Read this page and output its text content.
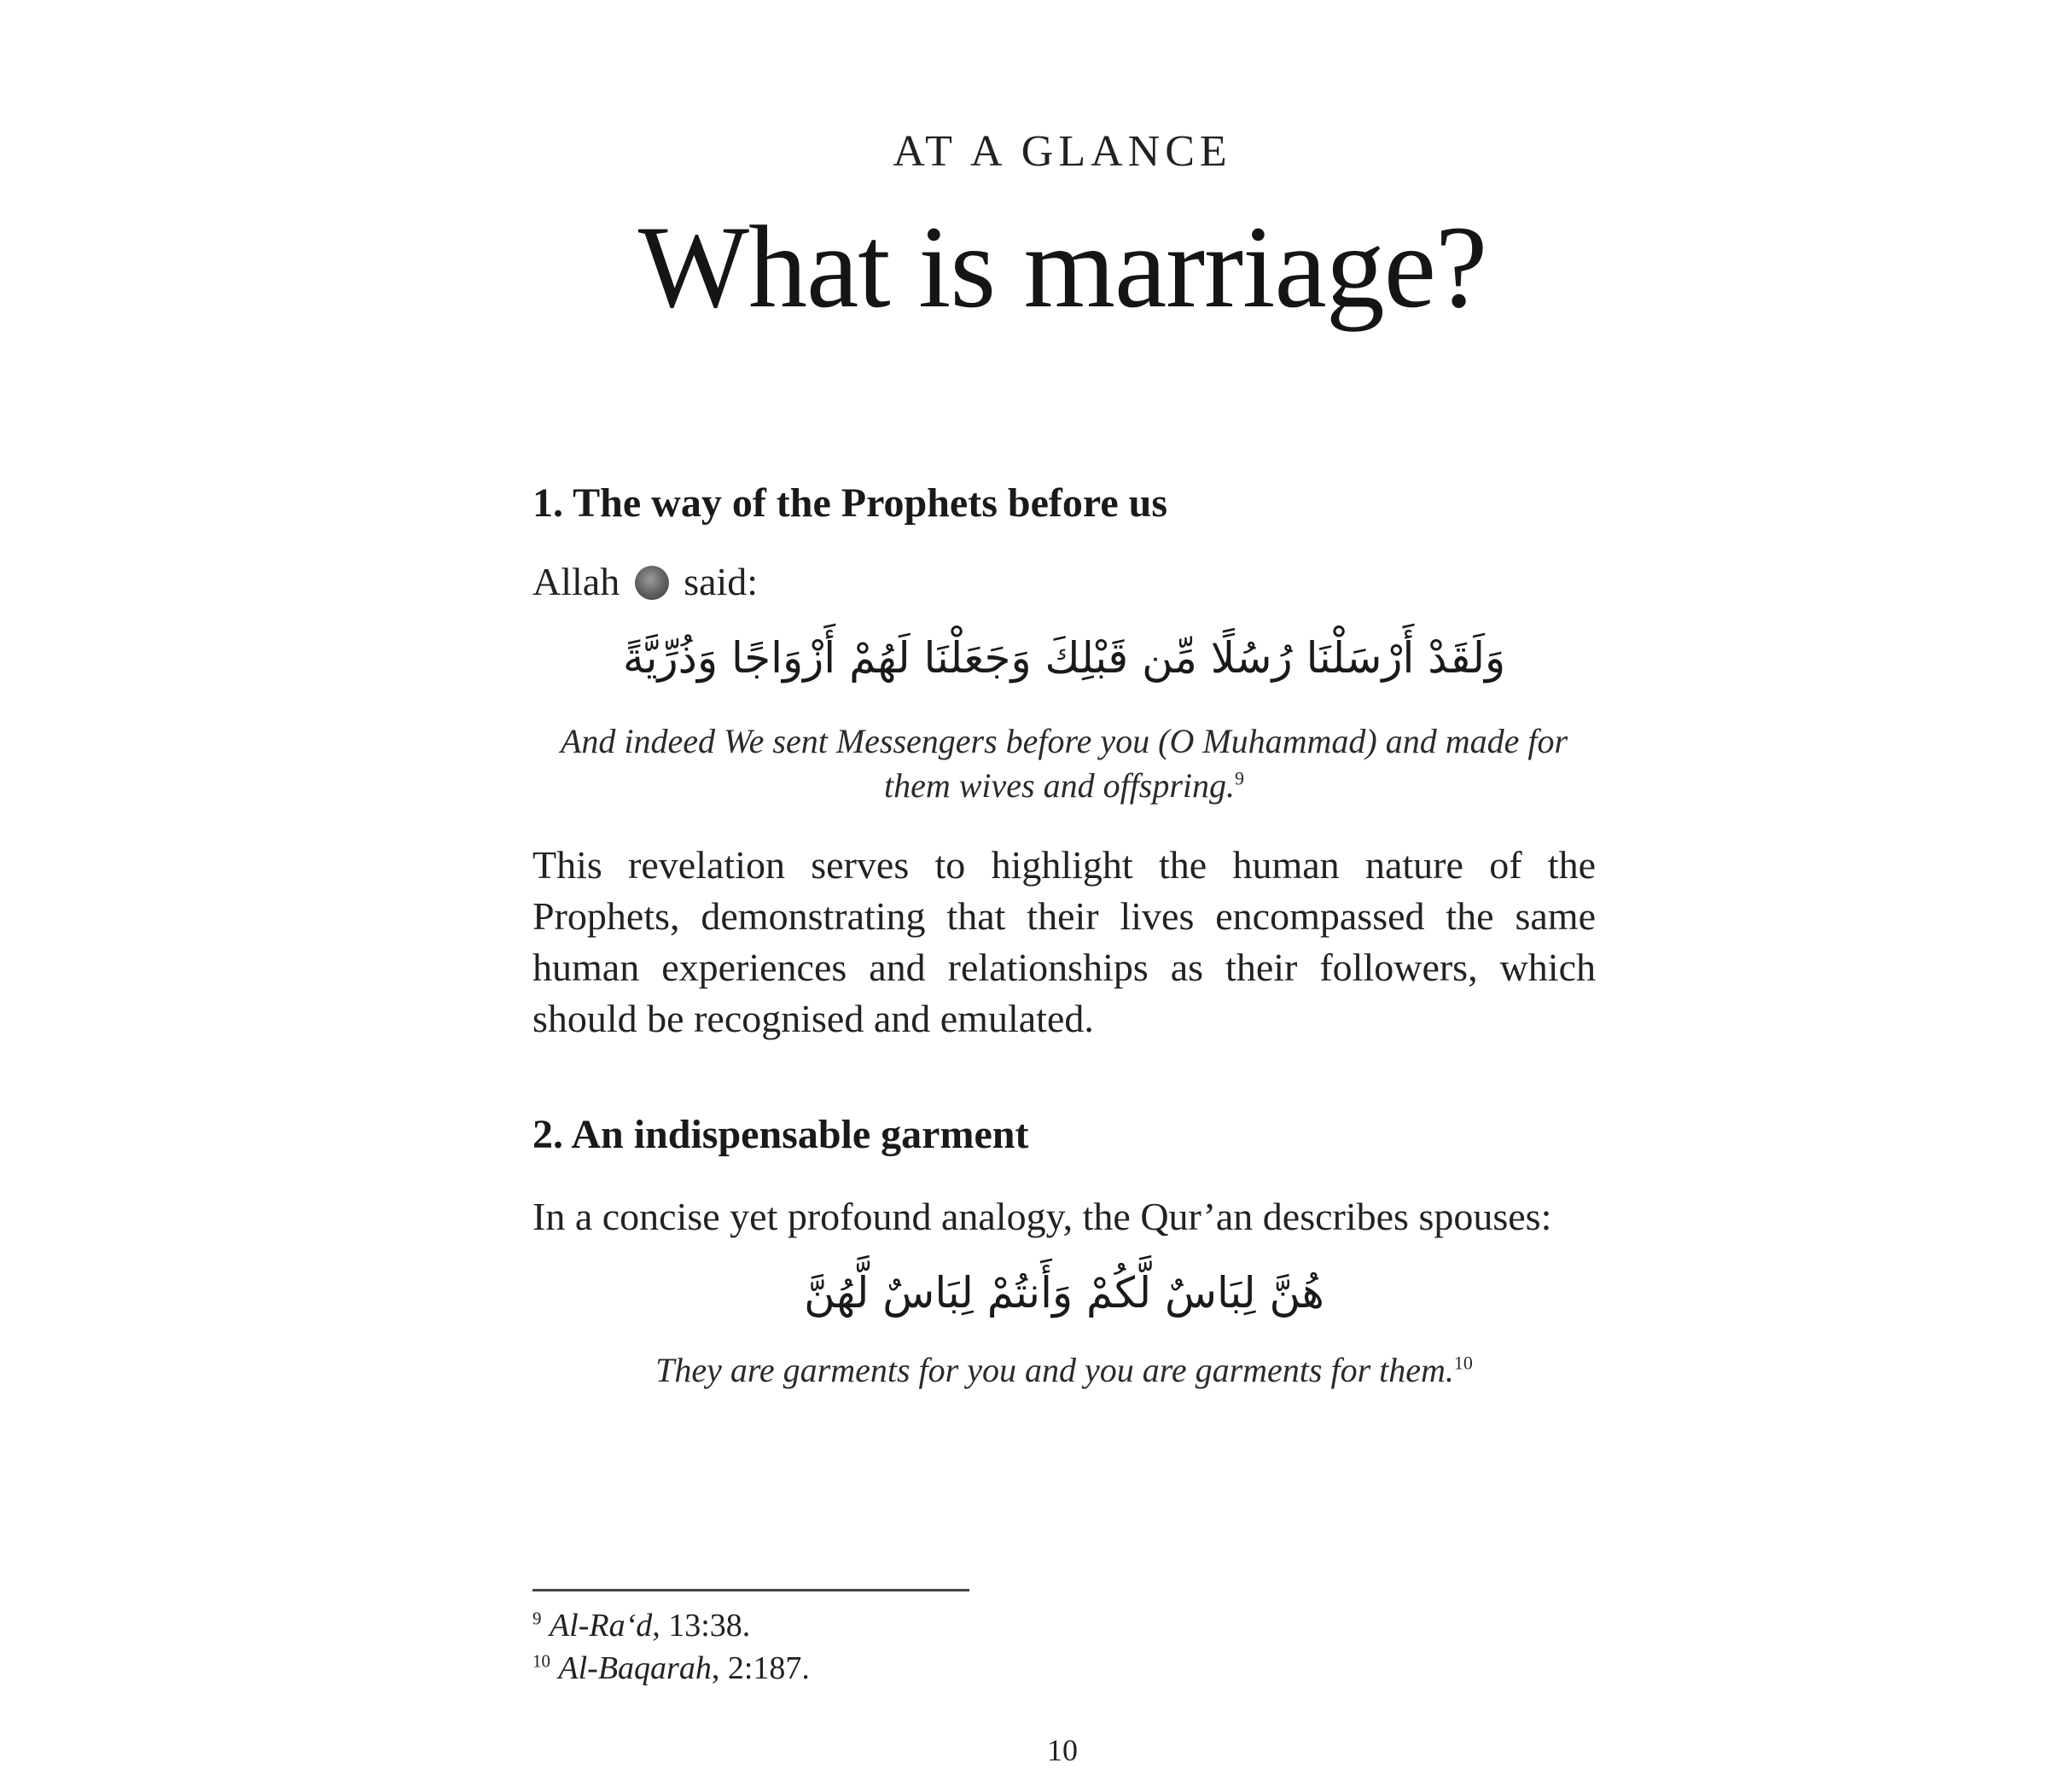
AT A GLANCE
What is marriage?
1. The way of the Prophets before us

Allah said:

وَلَقَدْ أَرْسَلْنَا رُسُلًا مِّن قَبْلِكَ وَجَعَلْنَا لَهُمْ أَزْوَاجًا وَذُرِّيَّةً

And indeed We sent Messengers before you (O Muhammad) and made for
them wives and offspring.$^9$

This revelation serves to highlight the human nature of the Prophets, demonstrating that their lives encompassed the same human experiences and relationships as their followers, which should be recognised and emulated.

2. An indispensable garment

In a concise yet profound analogy, the Qur’an describes spouses:

هُنَّ لِبَاسٌ لَّكُمْ وَأَنتُمْ لِبَاسٌ لَّهُنَّ

They are garments for you and you are garments for them.$^{10}$

$^9$ Al-Ra‘d, 13:38.
$^{10}$ Al-Baqarah, 2:187.
10
